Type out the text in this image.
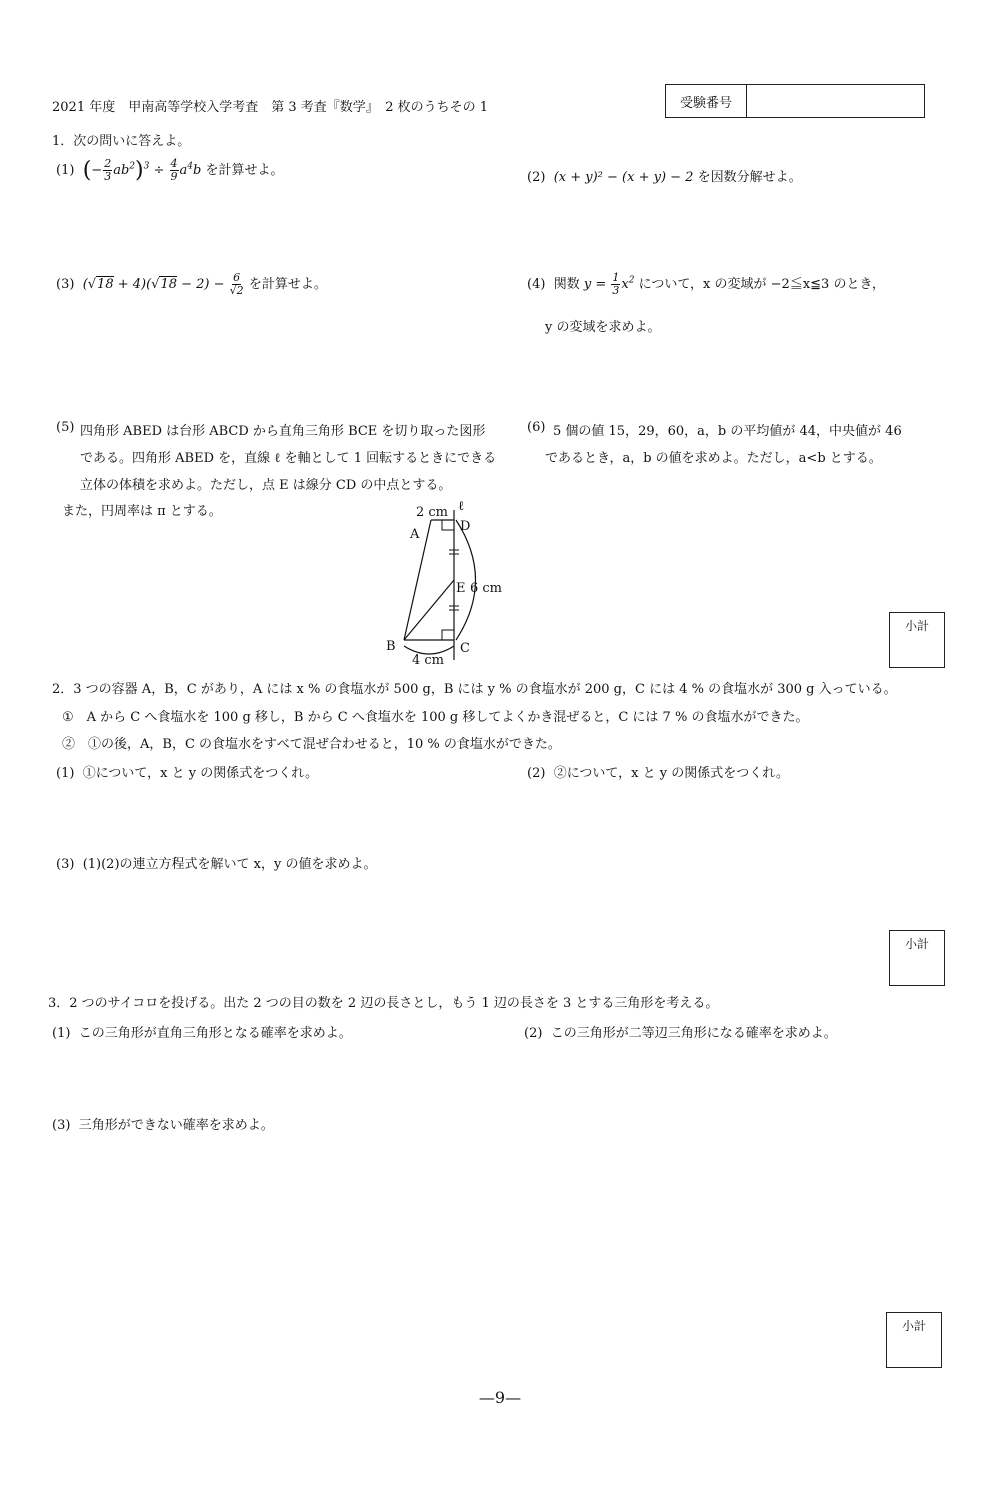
2021 年度　甲南高等学校入学考査　第 3 考査『数学』　2 枚のうちその 1	受験番号
1．次の問いに答えよ。
(1) (− $\frac{2}{3} ab^2)^3 \div \frac{4}{9} a^4b$ を計算せよ。	(2) (x + y)² − (x + y) − 2 を因数分解せよ。
(3) $(√18 + 4)(√18 - 2) - \frac{6}{√2}$ を計算せよ。	(4) 関数 $y = \frac{1}{3} x^2$ について，x の変域が −2≦x≦3 のとき，
y の変域を求めよ。
(5) 四角形 ABED は台形 ABCD から直角三角形 BCE を切り取った図形
である。四角形 ABED を，直線 ℓ を軸として 1 回転するときにできる
立体の体積を求めよ。ただし，点 E は線分 CD の中点とする。
また，円周率は π とする。	2 cm ℓ
A
D
E 6 cm
B	C
4 cm
(6) 5 個の値 15，29，60，a，b の平均値が 44，中央値が 46
であるとき，a，b の値を求めよ。ただし，a<b とする。
小計
2．3 つの容器 A，B，C があり，A には x % の食塩水が 500 g，B には y % の食塩水が 200 g，C には 4 % の食塩水が 300 g 入っている。
①　A から C へ食塩水を 100 g 移し，B から C へ食塩水を 100 g 移してよくかき混ぜると，C には 7 % の食塩水ができた。
②　①の後，A，B，C の食塩水をすべて混ぜ合わせると，10 % の食塩水ができた。
(1) ①について，x と y の関係式をつくれ。	(2) ②について，x と y の関係式をつくれ。
(3) (1)(2)の連立方程式を解いて x，y の値を求めよ。
小計
3．2 つのサイコロを投げる。出た 2 つの目の数を 2 辺の長さとし，もう 1 辺の長さを 3 とする三角形を考える。
(1) この三角形が直角三角形となる確率を求めよ。	(2) この三角形が二等辺三角形になる確率を求めよ。
(3) 三角形ができない確率を求めよ。
小計
—9—
